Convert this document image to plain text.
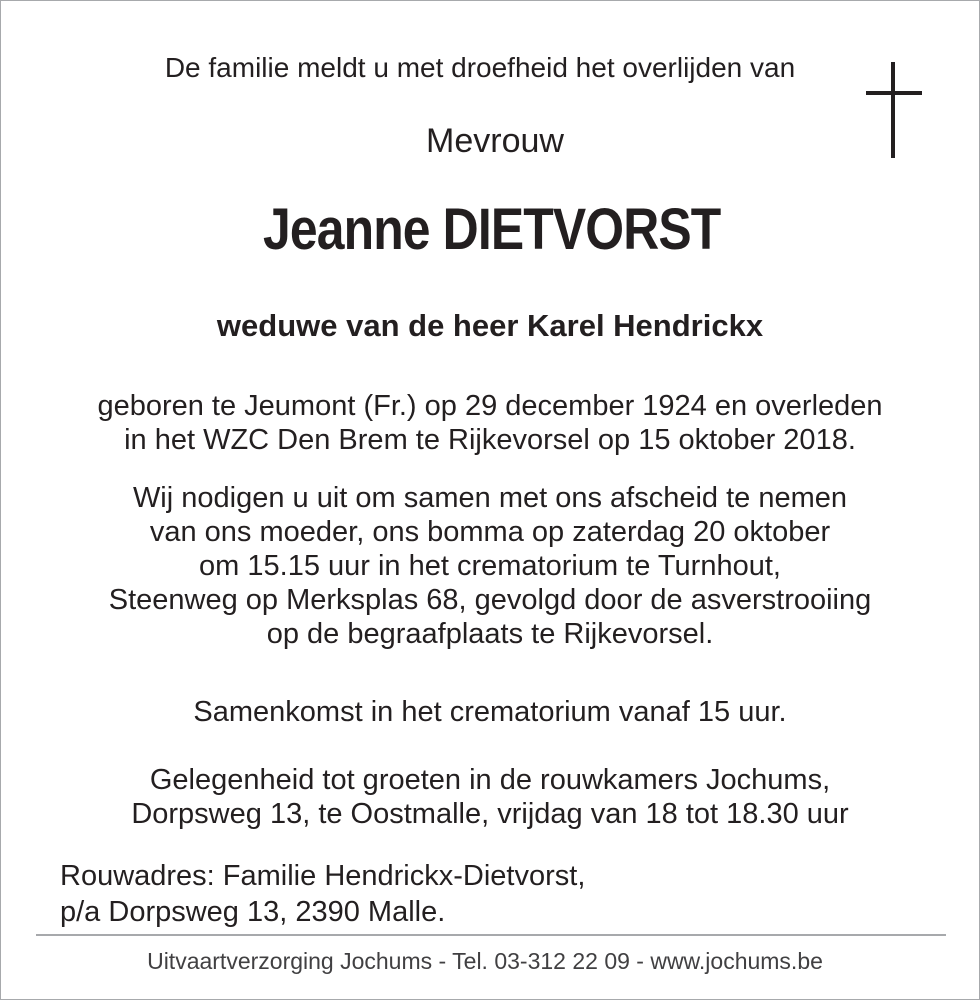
De familie meldt u met droefheid het overlijden van
Mevrouw
Jeanne DIETVORST
weduwe van de heer Karel Hendrickx
geboren te Jeumont (Fr.) op 29 december 1924 en overleden
in het WZC Den Brem te Rijkevorsel op 15 oktober 2018.
Wij nodigen u uit om samen met ons afscheid te nemen
van ons moeder, ons bomma op zaterdag 20 oktober
om 15.15 uur in het crematorium te Turnhout,
Steenweg op Merksplas 68, gevolgd door de asverstrooiing
op de begraafplaats te Rijkevorsel.
Samenkomst in het crematorium vanaf 15 uur.
Gelegenheid tot groeten in de rouwkamers Jochums,
Dorpsweg 13, te Oostmalle, vrijdag van 18 tot 18.30 uur
Rouwadres: Familie Hendrickx-Dietvorst,
p/a Dorpsweg 13, 2390 Malle.
Uitvaartverzorging Jochums - Tel. 03-312 22 09 - www.jochums.be
